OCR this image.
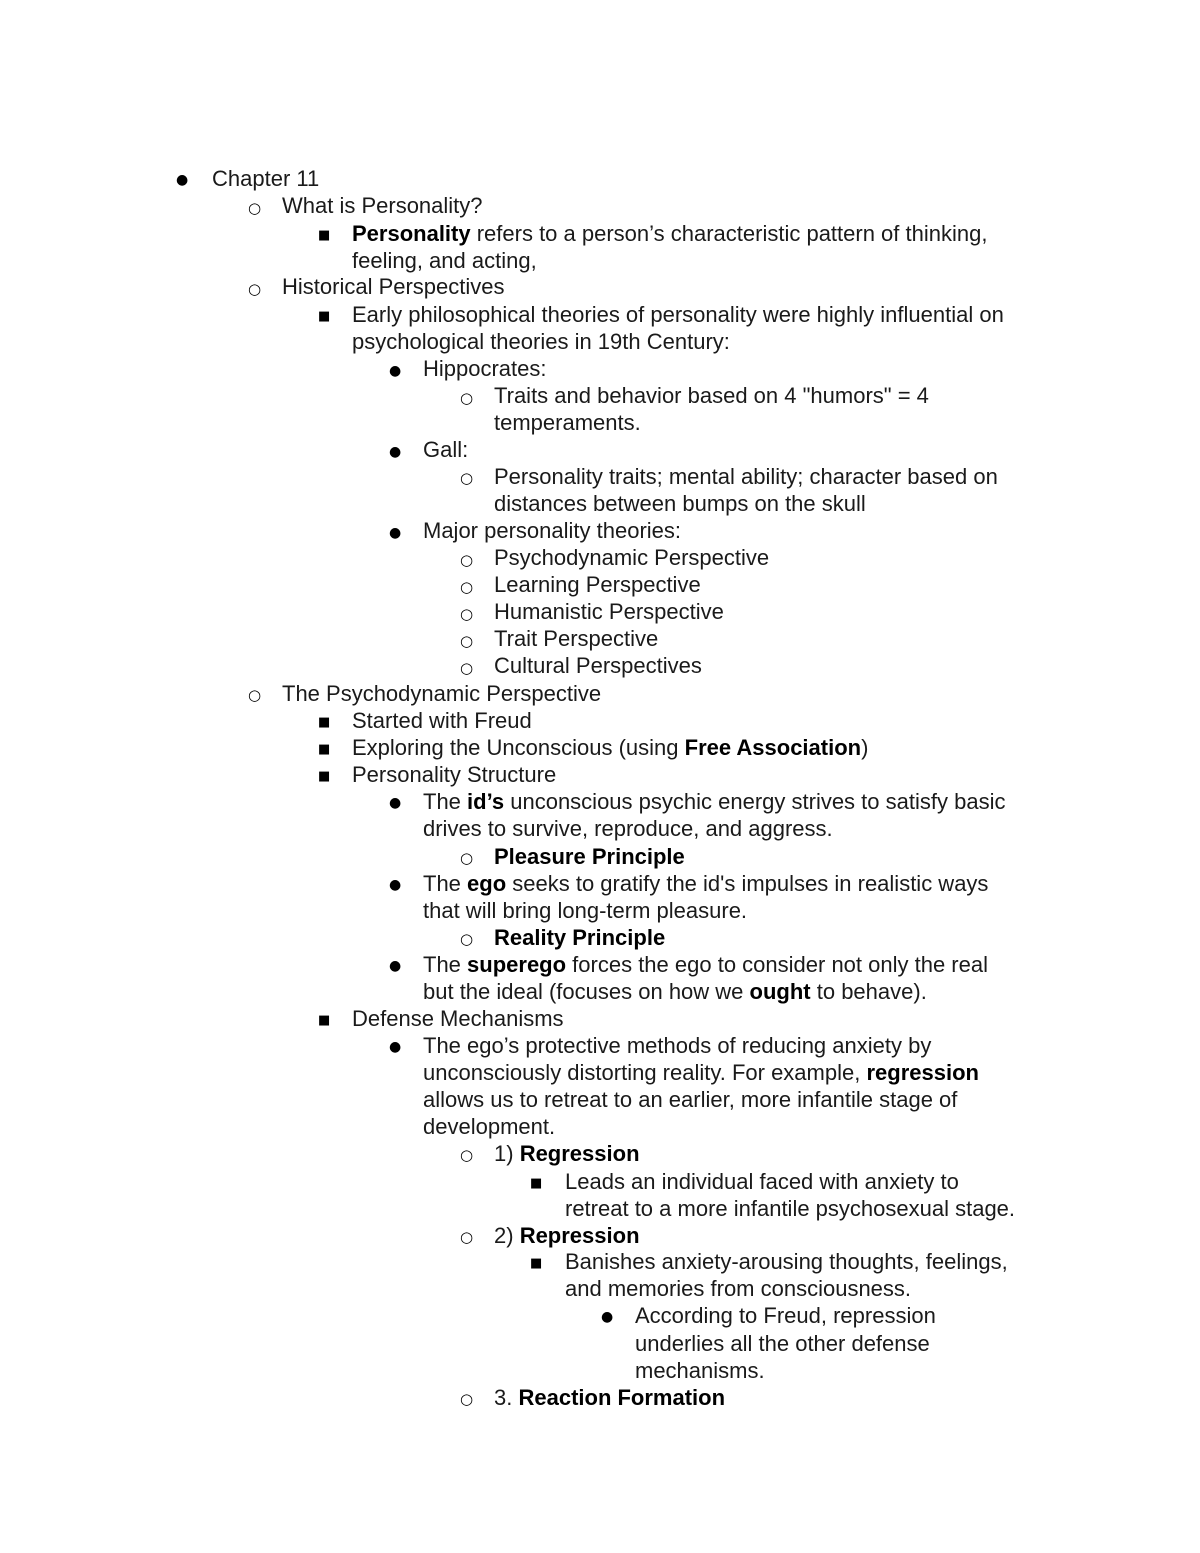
●
○
■
○
■
●
○
●
○
●
○
○
○
○
○
○
■
■
■
●
○
●
○
●
■
●
○
■
○
■
●
○
Chapter 11
What is Personality?
Personality refers to a person’s characteristic pattern of thinking,
feeling, and acting,
Historical Perspectives
Early philosophical theories of personality were highly influential on
psychological theories in 19th Century:
Hippocrates:
Traits and behavior based on 4 "humors" = 4
temperaments.
Gall:
Personality traits; mental ability; character based on
distances between bumps on the skull
Major personality theories:
Psychodynamic Perspective
Learning Perspective
Humanistic Perspective
Trait Perspective
Cultural Perspectives
The Psychodynamic Perspective
Started with Freud
Exploring the Unconscious (using Free Association)
Personality Structure
The id’s unconscious psychic energy strives to satisfy basic
drives to survive, reproduce, and aggress.
Pleasure Principle
The ego seeks to gratify the id's impulses in realistic ways
that will bring long-term pleasure.
Reality Principle
The superego forces the ego to consider not only the real
but the ideal (focuses on how we ought to behave).
Defense Mechanisms
The ego’s protective methods of reducing anxiety by
unconsciously distorting reality. For example, regression
allows us to retreat to an earlier, more infantile stage of
development.
1) Regression
Leads an individual faced with anxiety to
retreat to a more infantile psychosexual stage.
2) Repression
Banishes anxiety-arousing thoughts, feelings,
and memories from consciousness.
According to Freud, repression
underlies all the other defense
mechanisms.
3. Reaction Formation
